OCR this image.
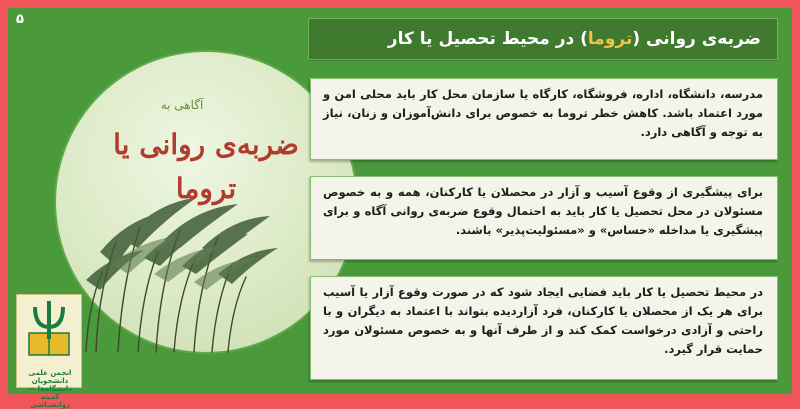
۵
ضربه‌ی روانی (تروما) در محیط تحصیل یا کار
آگاهی به
ضربه‌ی روانی یا
تروما
انجمن علمی دانشجویان دانشگاه‌ها — کمیته روانشناسی

مدرسه، دانشگاه، اداره، فروشگاه، کارگاه یا سازمان محل کار باید محلی امن و مورد اعتماد باشد. کاهش خطر تروما به خصوص برای دانش‌آموزان و زنان، نیاز به توجه و آگاهی دارد.

برای پیشگیری از وقوع آسیب و آزار در محصلان یا کارکنان، همه و به خصوص مسئولان در محل تحصیل یا کار باید به احتمال وقوع ضربه‌ی روانی آگاه و برای پیشگیری یا مداخله «حساس» و «مسئولیت‌پذیر» باشند.

در محیط تحصیل یا کار باید فضایی ایجاد شود که در صورت وقوع آزار یا آسیب برای هر یک از محصلان یا کارکنان، فرد آزاردیده بتواند با اعتماد به دیگران و با راحتی و آزادی درخواست کمک کند و از طرف آنها و به خصوص مسئولان مورد حمایت قرار گیرد.
